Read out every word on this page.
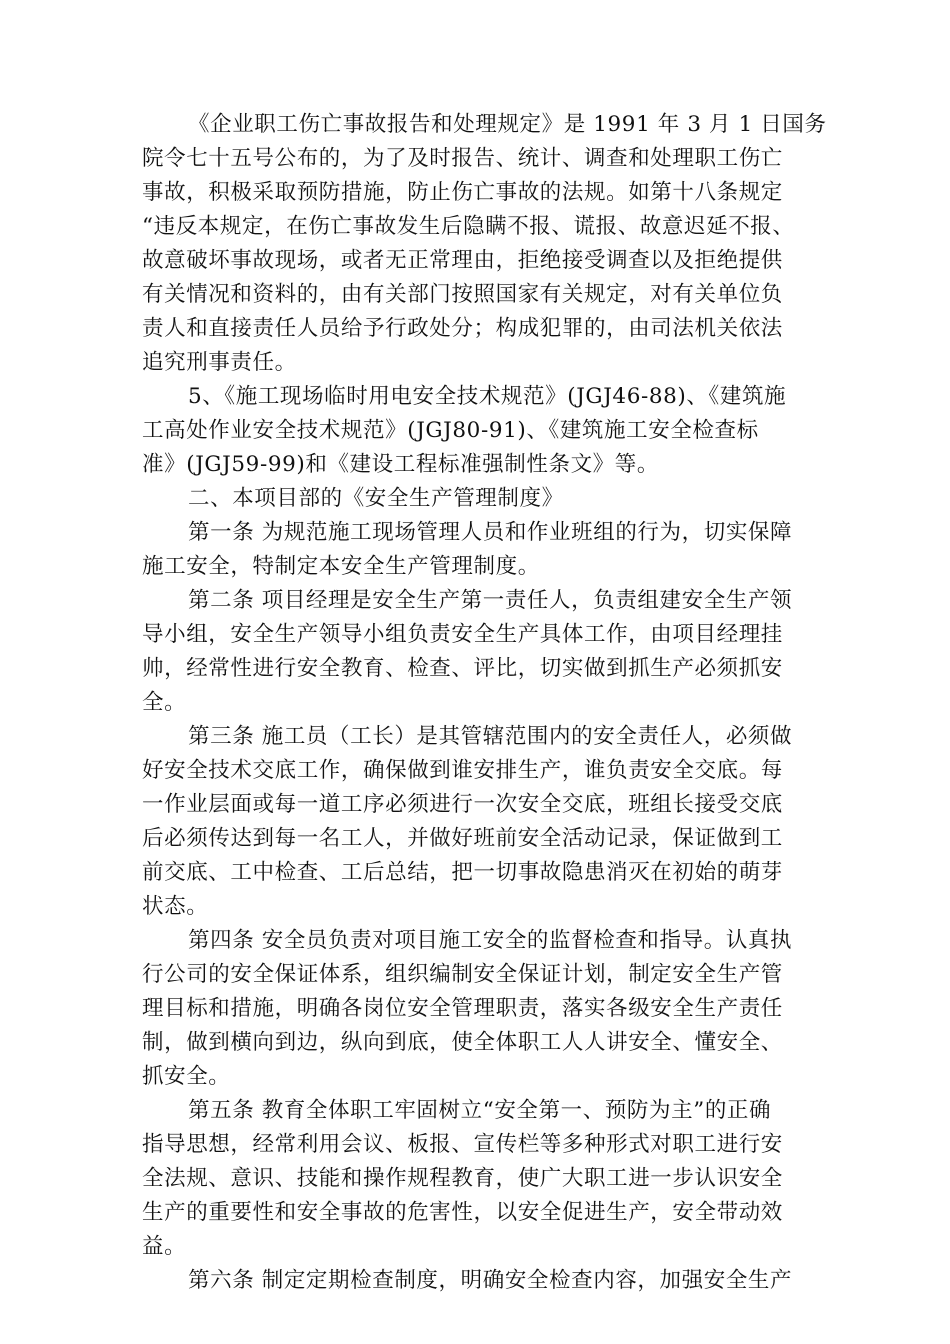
《企业职工伤亡事故报告和处理规定》是 1991 年 3 月 1 日国务
院令七十五号公布的，为了及时报告、统计、调查和处理职工伤亡
事故，积极采取预防措施，防止伤亡事故的法规。如第十八条规定
“违反本规定，在伤亡事故发生后隐瞒不报、谎报、故意迟延不报、
故意破坏事故现场，或者无正常理由，拒绝接受调查以及拒绝提供
有关情况和资料的，由有关部门按照国家有关规定，对有关单位负
责人和直接责任人员给予行政处分；构成犯罪的，由司法机关依法
追究刑事责任。
5、《施工现场临时用电安全技术规范》(JGJ46-88)、《建筑施
工高处作业安全技术规范》(JGJ80-91)、《建筑施工安全检查标
准》(JGJ59-99)和《建设工程标准强制性条文》等。
二、本项目部的《安全生产管理制度》
第一条 为规范施工现场管理人员和作业班组的行为，切实保障
施工安全，特制定本安全生产管理制度。
第二条 项目经理是安全生产第一责任人，负责组建安全生产领
导小组，安全生产领导小组负责安全生产具体工作，由项目经理挂
帅，经常性进行安全教育、检查、评比，切实做到抓生产必须抓安
全。
第三条 施工员（工长）是其管辖范围内的安全责任人，必须做
好安全技术交底工作，确保做到谁安排生产，谁负责安全交底。每
一作业层面或每一道工序必须进行一次安全交底，班组长接受交底
后必须传达到每一名工人，并做好班前安全活动记录，保证做到工
前交底、工中检查、工后总结，把一切事故隐患消灭在初始的萌芽
状态。
第四条 安全员负责对项目施工安全的监督检查和指导。认真执
行公司的安全保证体系，组织编制安全保证计划，制定安全生产管
理目标和措施，明确各岗位安全管理职责，落实各级安全生产责任
制，做到横向到边，纵向到底，使全体职工人人讲安全、懂安全、
抓安全。
第五条 教育全体职工牢固树立“安全第一、预防为主”的正确
指导思想，经常利用会议、板报、宣传栏等多种形式对职工进行安
全法规、意识、技能和操作规程教育，使广大职工进一步认识安全
生产的重要性和安全事故的危害性，以安全促进生产，安全带动效
益。
第六条 制定定期检查制度，明确安全检查内容，加强安全生产
